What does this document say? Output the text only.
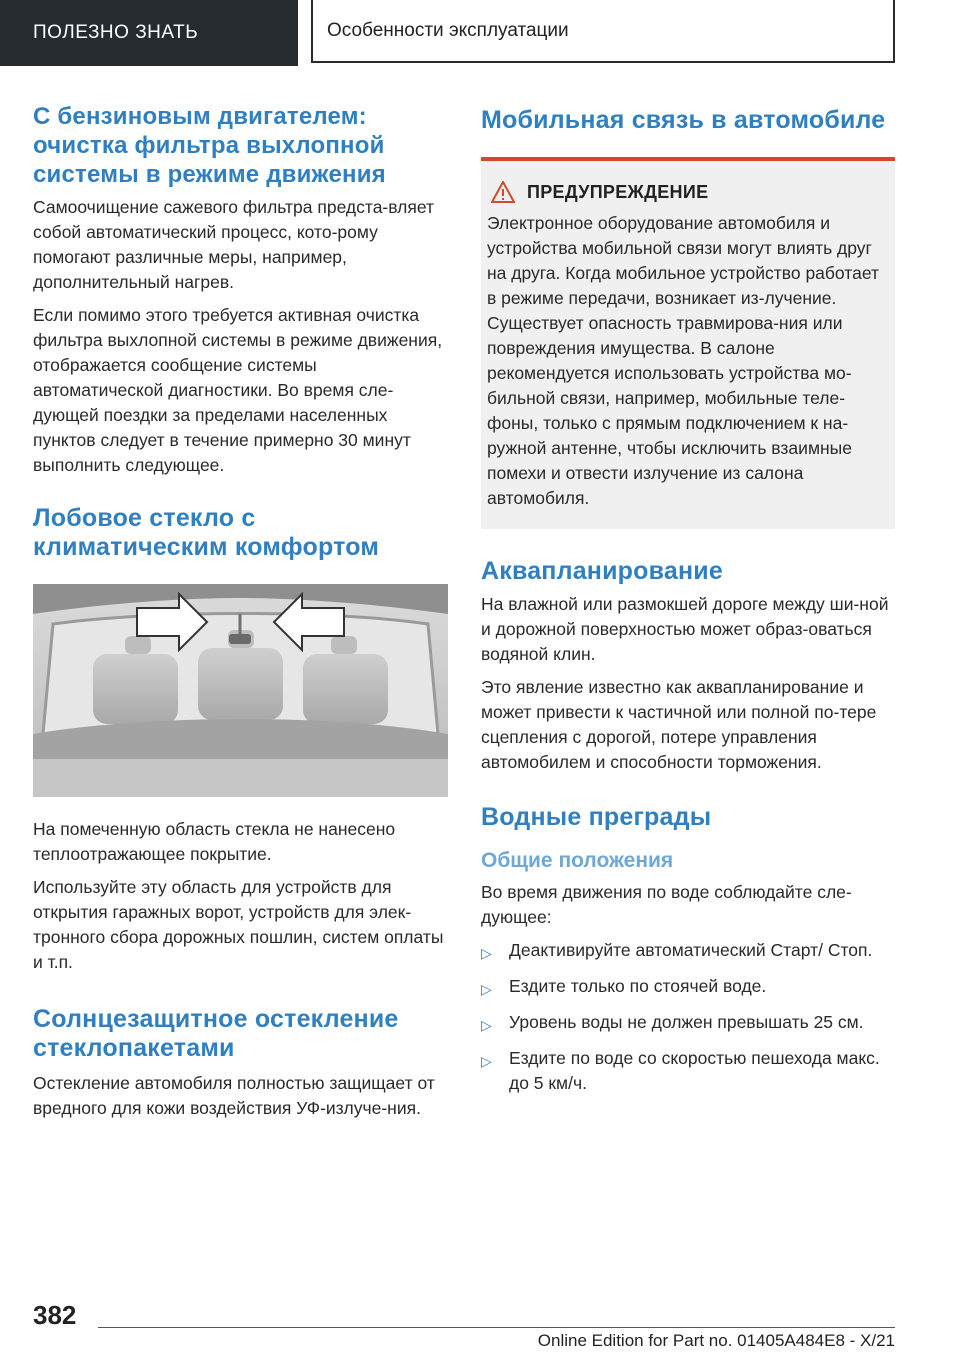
ПОЛЕЗНО ЗНАТЬ	Особенности эксплуатации
С бензиновым двигателем: очистка фильтра выхлопной системы в режиме движения

Самоочищение сажевого фильтра предста-вляет собой автоматический процесс, кото-рому помогают различные меры, например, дополнительный нагрев.

Если помимо этого требуется активная очистка фильтра выхлопной системы в режиме движения, отображается сообщение системы автоматической диагностики. Во время сле-дующей поездки за пределами населенных пунктов следует в течение примерно 30 минут выполнить следующее.

Лобовое стекло с климатическим комфортом

На помеченную область стекла не нанесено теплоотражающее покрытие.

Используйте эту область для устройств для открытия гаражных ворот, устройств для элек-тронного сбора дорожных пошлин, систем оплаты и т.п.

Солнцезащитное остекление стеклопакетами

Остекление автомобиля полностью защищает от вредного для кожи воздействия УФ-излуче-ния.

Мобильная связь в автомобиле
ПРЕДУПРЕЖДЕНИЕ

Электронное оборудование автомобиля и устройства мобильной связи могут влиять друг на друга. Когда мобильное устройство работает в режиме передачи, возникает из-лучение. Существует опасность травмирова-ния или повреждения имущества. В салоне рекомендуется использовать устройства мо-бильной связи, например, мобильные теле-фоны, только с прямым подключением к на-ружной антенне, чтобы исключить взаимные помехи и отвести излучение из салона автомобиля.

Аквапланирование

На влажной или размокшей дороге между ши-ной и дорожной поверхностью может образ-оваться водяной клин.

Это явление известно как аквапланирование и может привести к частичной или полной по-тере сцепления с дорогой, потере управления автомобилем и способности торможения.

Водные преграды
Общие положения

Во время движения по воде соблюдайте сле-дующее:

▷ Деактивируйте автоматический Старт/ Стоп.
▷ Ездите только по стоячей воде.
▷ Уровень воды не должен превышать 25 см.
▷ Ездите по воде со скоростью пешехода макс. до 5 км/ч.
382
Online Edition for Part no. 01405A484E8 - X/21
